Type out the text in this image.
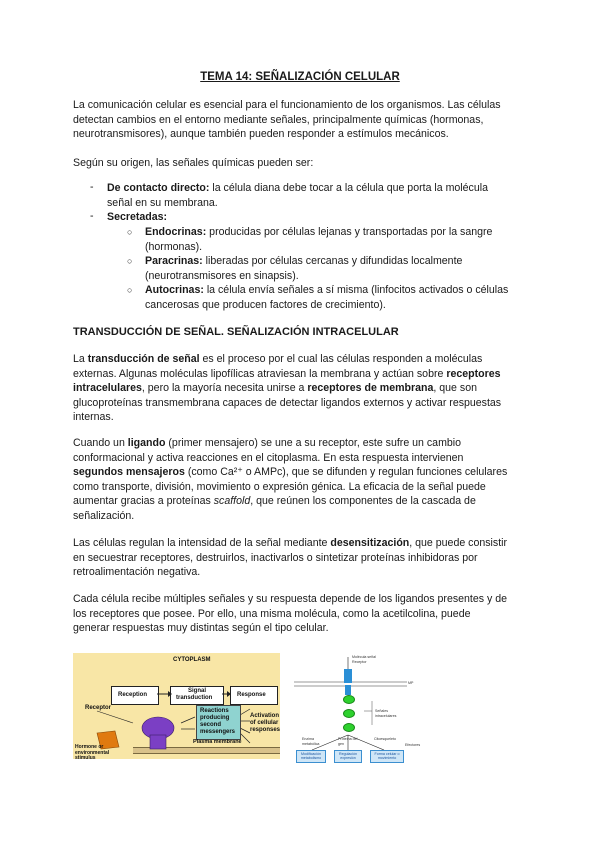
TEMA 14: SEÑALIZACIÓN CELULAR

La comunicación celular es esencial para el funcionamiento de los organismos. Las células
detectan cambios en el entorno mediante señales, principalmente químicas (hormonas,
neurotransmisores), aunque también pueden responder a estímulos mecánicos.

Según su origen, las señales químicas pueden ser:

- De contacto directo: la célula diana debe tocar a la célula que porta la molécula
señal en su membrana.
- Secretadas:
○ Endocrinas: producidas por células lejanas y transportadas por la sangre
(hormonas).
○ Paracrinas: liberadas por células cercanas y difundidas localmente
(neurotransmisores en sinapsis).
○ Autocrinas: la célula envía señales a sí misma (linfocitos activados o células
cancerosas que producen factores de crecimiento).
TRANSDUCCIÓN DE SEÑAL. SEÑALIZACIÓN INTRACELULAR

La transducción de señal es el proceso por el cual las células responden a moléculas
externas. Algunas moléculas lipofílicas atraviesan la membrana y actúan sobre receptores
intracelulares, pero la mayoría necesita unirse a receptores de membrana, que son
glucoproteínas transmembrana capaces de detectar ligandos externos y activar respuestas
internas.

Cuando un ligando (primer mensajero) se une a su receptor, este sufre un cambio
conformacional y activa reacciones en el citoplasma. En esta respuesta intervienen
segundos mensajeros (como Ca²⁺ o AMPc), que se difunden y regulan funciones celulares
como transporte, división, movimiento o expresión génica. La eficacia de la señal puede
aumentar gracias a proteínas scaffold, que reúnen los componentes de la cascada de
señalización.

Las células regulan la intensidad de la señal mediante desensitización, que puede consistir
en secuestrar receptores, destruirlos, inactivarlos o sintetizar proteínas inhibidoras por
retroalimentación negativa.

Cada célula recibe múltiples señales y su respuesta depende de los ligandos presentes y de
los receptores que posee. Por ello, una misma molécula, como la acetilcolina, puede
generar respuestas muy distintas según el tipo celular.

CYTOPLASM
Reception
Signal
transduction	Response
Receptor	Reactions
producing
second
messengers
Activation
of cellular
responses
Hormone or
environmental
stimulus
Plasma membrane
Molécula señal
Receptor
MP
Señales
intracelulares
Efectores
Enzima
metabólica
Proteína del
gen
Citoesqueleto
Modificación
metabolismo
Regulación
expresión
Forma celular o
movimiento
